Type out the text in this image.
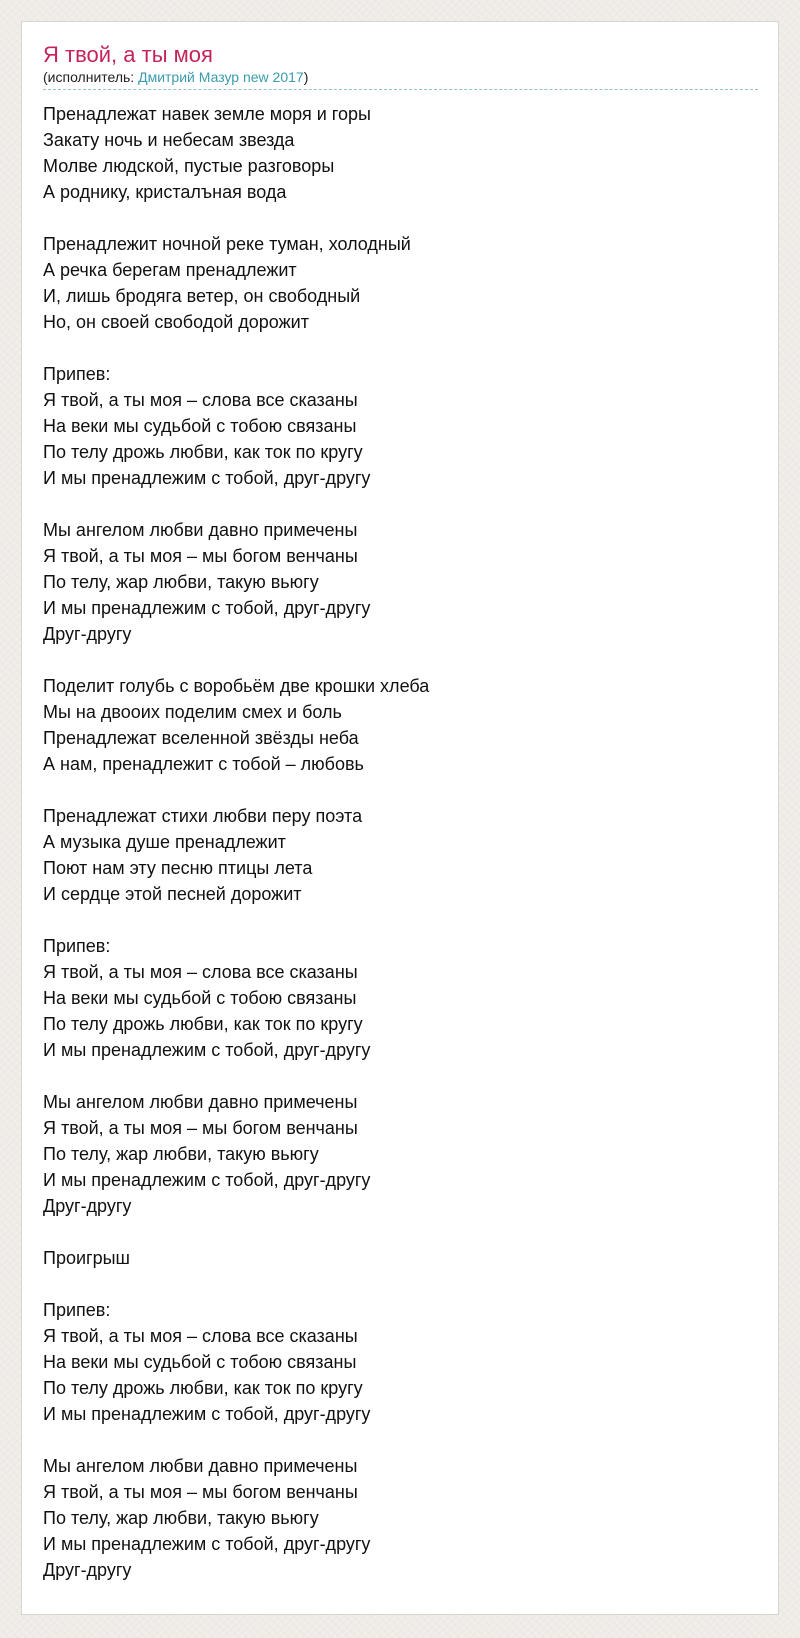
Я твой, а ты моя
(исполнитель: Дмитрий Мазур new 2017)
Пренадлежат навек земле моря и горы
Закату ночь и небесам звезда
Молве людской, пустые разговоры
А роднику, кристалъная вода
Пренадлежит ночной реке туман, холодный
А речка берегам пренадлежит
И, лишь бродяга ветер, он свободный
Но, он своей свободой дорожит
Припев:
Я твой, а ты моя – слова все сказаны
На веки мы судьбой с тобою связаны
По телу дрожь любви, как ток по кругу
И мы пренадлежим с тобой, друг-другу
Мы ангелом любви давно примечены
Я твой, а ты моя – мы богом венчаны
По телу, жар любви, такую вьюгу
И мы пренадлежим с тобой, друг-другу
Друг-другу
Поделит голубь с воробьём две крошки хлеба
Мы на двооих поделим смех и боль
Пренадлежат вселенной звёзды неба
А нам, пренадлежит с тобой – любовь
Пренадлежат стихи любви перу поэта
А музыка душе пренадлежит
Поют нам эту песню птицы лета
И сердце этой песней дорожит
Припев:
Я твой, а ты моя – слова все сказаны
На веки мы судьбой с тобою связаны
По телу дрожь любви, как ток по кругу
И мы пренадлежим с тобой, друг-другу
Мы ангелом любви давно примечены
Я твой, а ты моя – мы богом венчаны
По телу, жар любви, такую вьюгу
И мы пренадлежим с тобой, друг-другу
Друг-другу
Проигрыш
Припев:
Я твой, а ты моя – слова все сказаны
На веки мы судьбой с тобою связаны
По телу дрожь любви, как ток по кругу
И мы пренадлежим с тобой, друг-другу
Мы ангелом любви давно примечены
Я твой, а ты моя – мы богом венчаны
По телу, жар любви, такую вьюгу
И мы пренадлежим с тобой, друг-другу
Друг-другу
